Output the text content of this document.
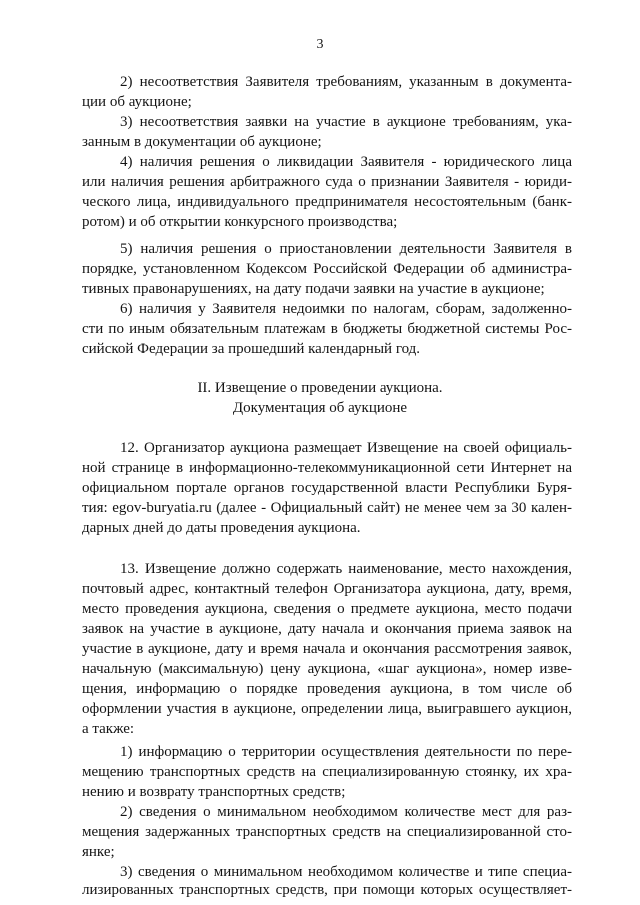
3
2) несоответствия Заявителя требованиям, указанным в документа-
ции об аукционе;
3) несоответствия заявки на участие в аукционе требованиям, ука-
занным в документации об аукционе;
4) наличия решения о ликвидации Заявителя - юридического лица
или наличия решения арбитражного суда о признании Заявителя - юриди-
ческого лица, индивидуального предпринимателя несостоятельным (банк-
ротом) и об открытии конкурсного производства;
5) наличия решения о приостановлении деятельности Заявителя в
порядке, установленном Кодексом Российской Федерации об администра-
тивных правонарушениях, на дату подачи заявки на участие в аукционе;
6) наличия у Заявителя недоимки по налогам, сборам, задолженно-
сти по иным обязательным платежам в бюджеты бюджетной системы Рос-
сийской Федерации за прошедший календарный год.
II. Извещение о проведении аукциона.
Документация об аукционе
12. Организатор аукциона размещает Извещение на своей официаль-
ной странице в информационно-телекоммуникационной сети Интернет на
официальном портале органов государственной власти Республики Буря-
тия: egov-buryatia.ru (далее - Официальный сайт) не менее чем за 30 кален-
дарных дней до даты проведения аукциона.
13. Извещение должно содержать наименование, место нахождения,
почтовый адрес, контактный телефон Организатора аукциона, дату, время,
место проведения аукциона, сведения о предмете аукциона, место подачи
заявок на участие в аукционе, дату начала и окончания приема заявок на
участие в аукционе, дату и время начала и окончания рассмотрения заявок,
начальную (максимальную) цену аукциона, «шаг аукциона», номер изве-
щения, информацию о порядке проведения аукциона, в том числе об
оформлении участия в аукционе, определении лица, выигравшего аукцион,
а также:
1) информацию о территории осуществления деятельности по пере-
мещению транспортных средств на специализированную стоянку, их хра-
нению и возврату транспортных средств;
2) сведения о минимальном необходимом количестве мест для раз-
мещения задержанных транспортных средств на специализированной сто-
янке;
3) сведения о минимальном необходимом количестве и типе специа-
лизированных транспортных средств, при помощи которых осуществляет-
